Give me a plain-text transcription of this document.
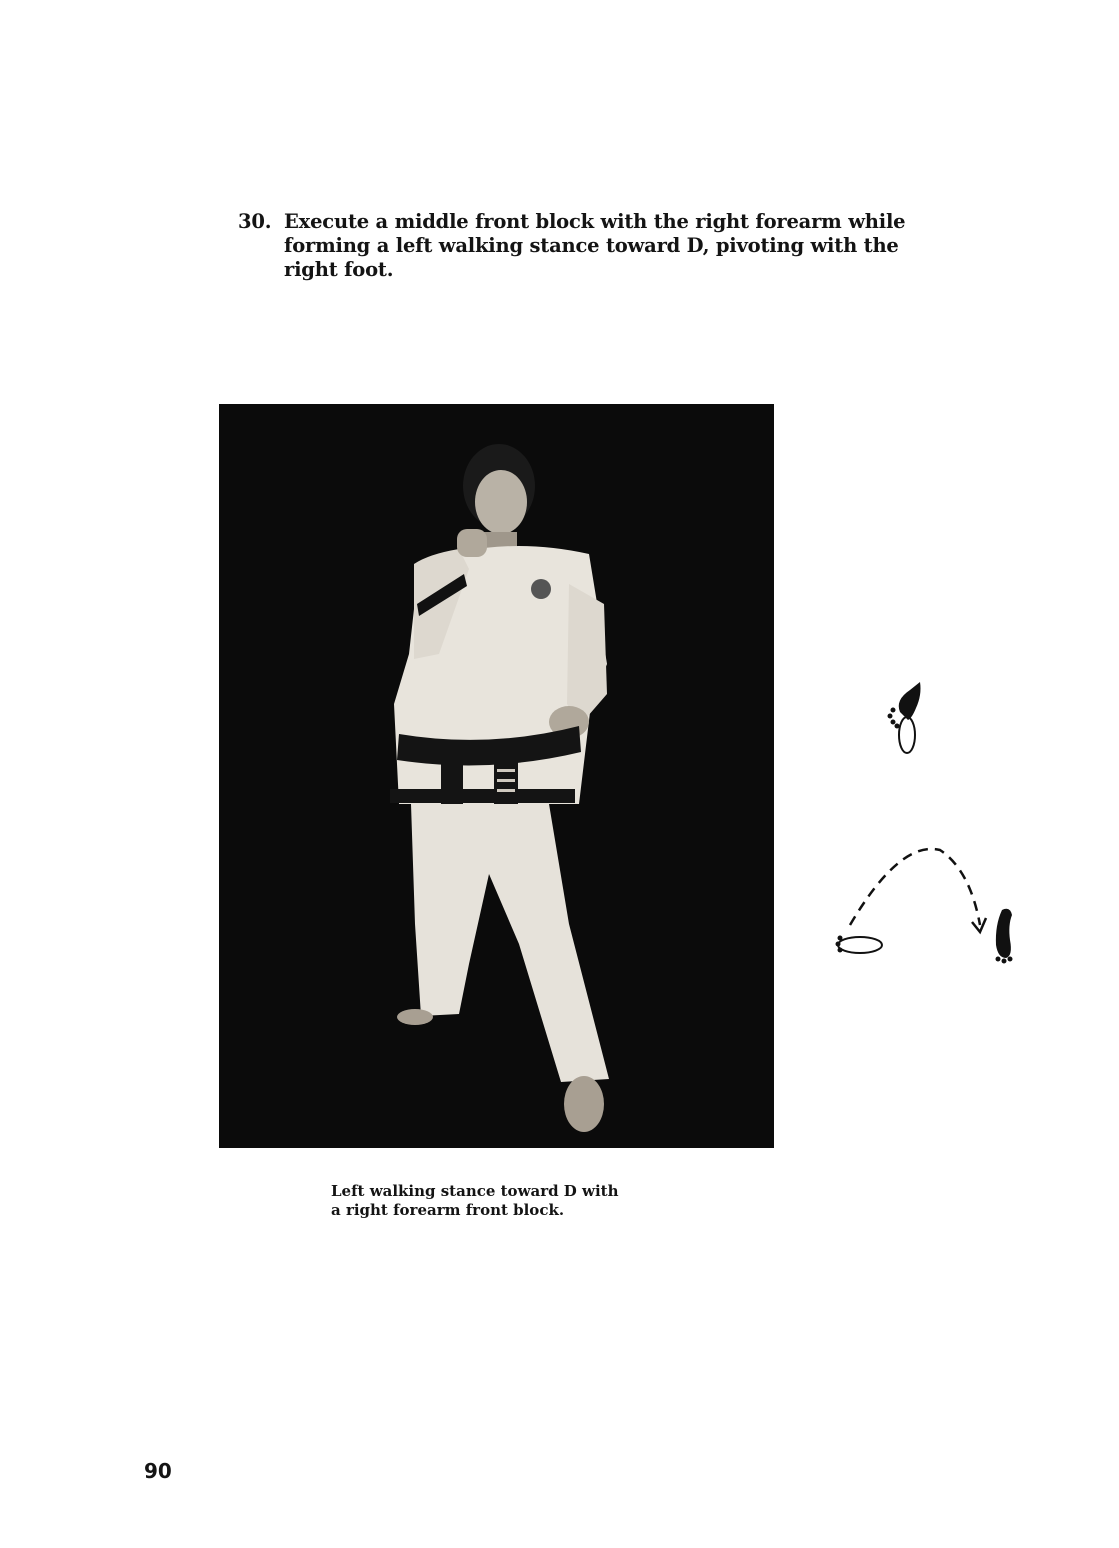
30. Execute a middle front block with the right forearm while
forming a left walking stance toward D, pivoting with the
right foot.
Left walking stance toward D with
a right forearm front block.
90
